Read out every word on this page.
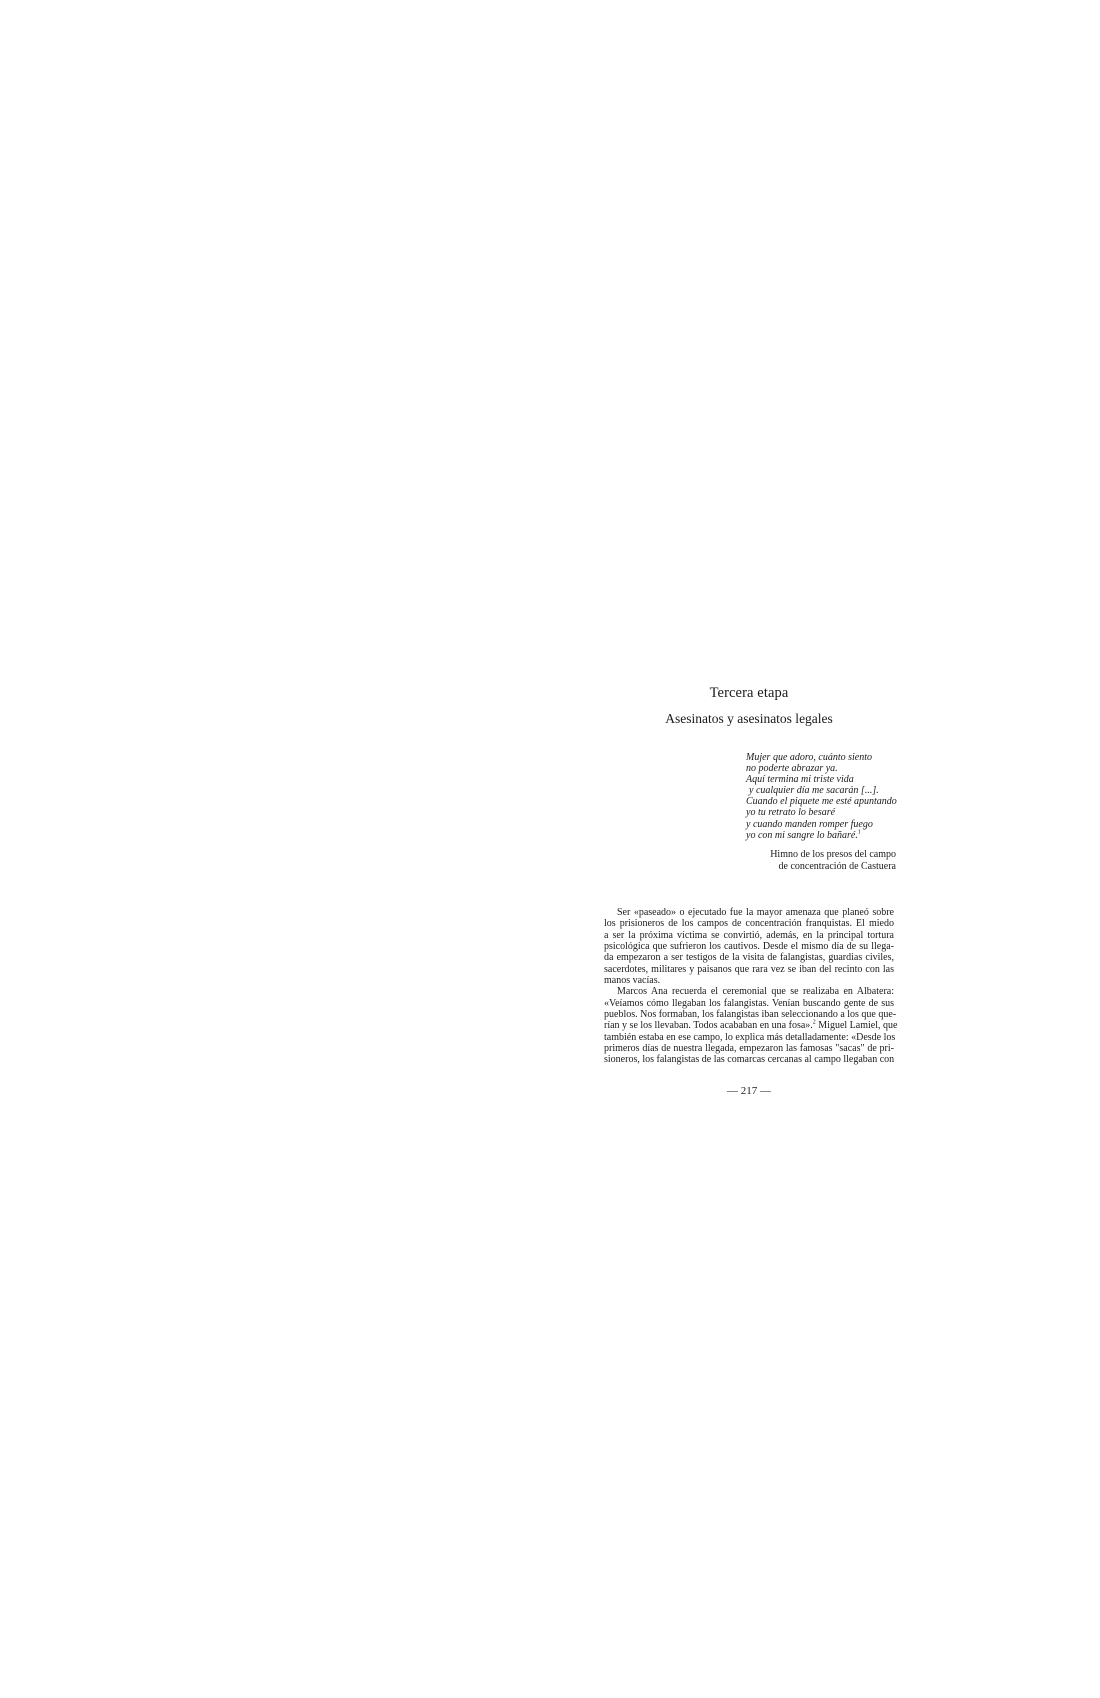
Tercera etapa
Asesinatos y asesinatos legales
Mujer que adoro, cuánto siento
no poderte abrazar ya.
Aquí termina mi triste vida
y cualquier día me sacarán [...].
Cuando el piquete me esté apuntando
yo tu retrato lo besaré
y cuando manden romper fuego
yo con mi sangre lo bañaré.$^1$
Himno de los presos del campo
de concentración de Castuera
Ser «paseado» o ejecutado fue la mayor amenaza que planeó sobre
los prisioneros de los campos de concentración franquistas. El miedo
a ser la próxima víctima se convirtió, además, en la principal tortura
psicológica que sufrieron los cautivos. Desde el mismo día de su llega-
da empezaron a ser testigos de la visita de falangistas, guardias civiles,
sacerdotes, militares y paisanos que rara vez se iban del recinto con las
manos vacías.
Marcos Ana recuerda el ceremonial que se realizaba en Albatera:
«Veíamos cómo llegaban los falangistas. Venían buscando gente de sus
pueblos. Nos formaban, los falangistas iban seleccionando a los que que-
rían y se los llevaban. Todos acababan en una fosa».$^2$ Miguel Lamiel, que
también estaba en ese campo, lo explica más detalladamente: «Desde los
primeros días de nuestra llegada, empezaron las famosas "sacas" de pri-
sioneros, los falangistas de las comarcas cercanas al campo llegaban con
— 217 —
